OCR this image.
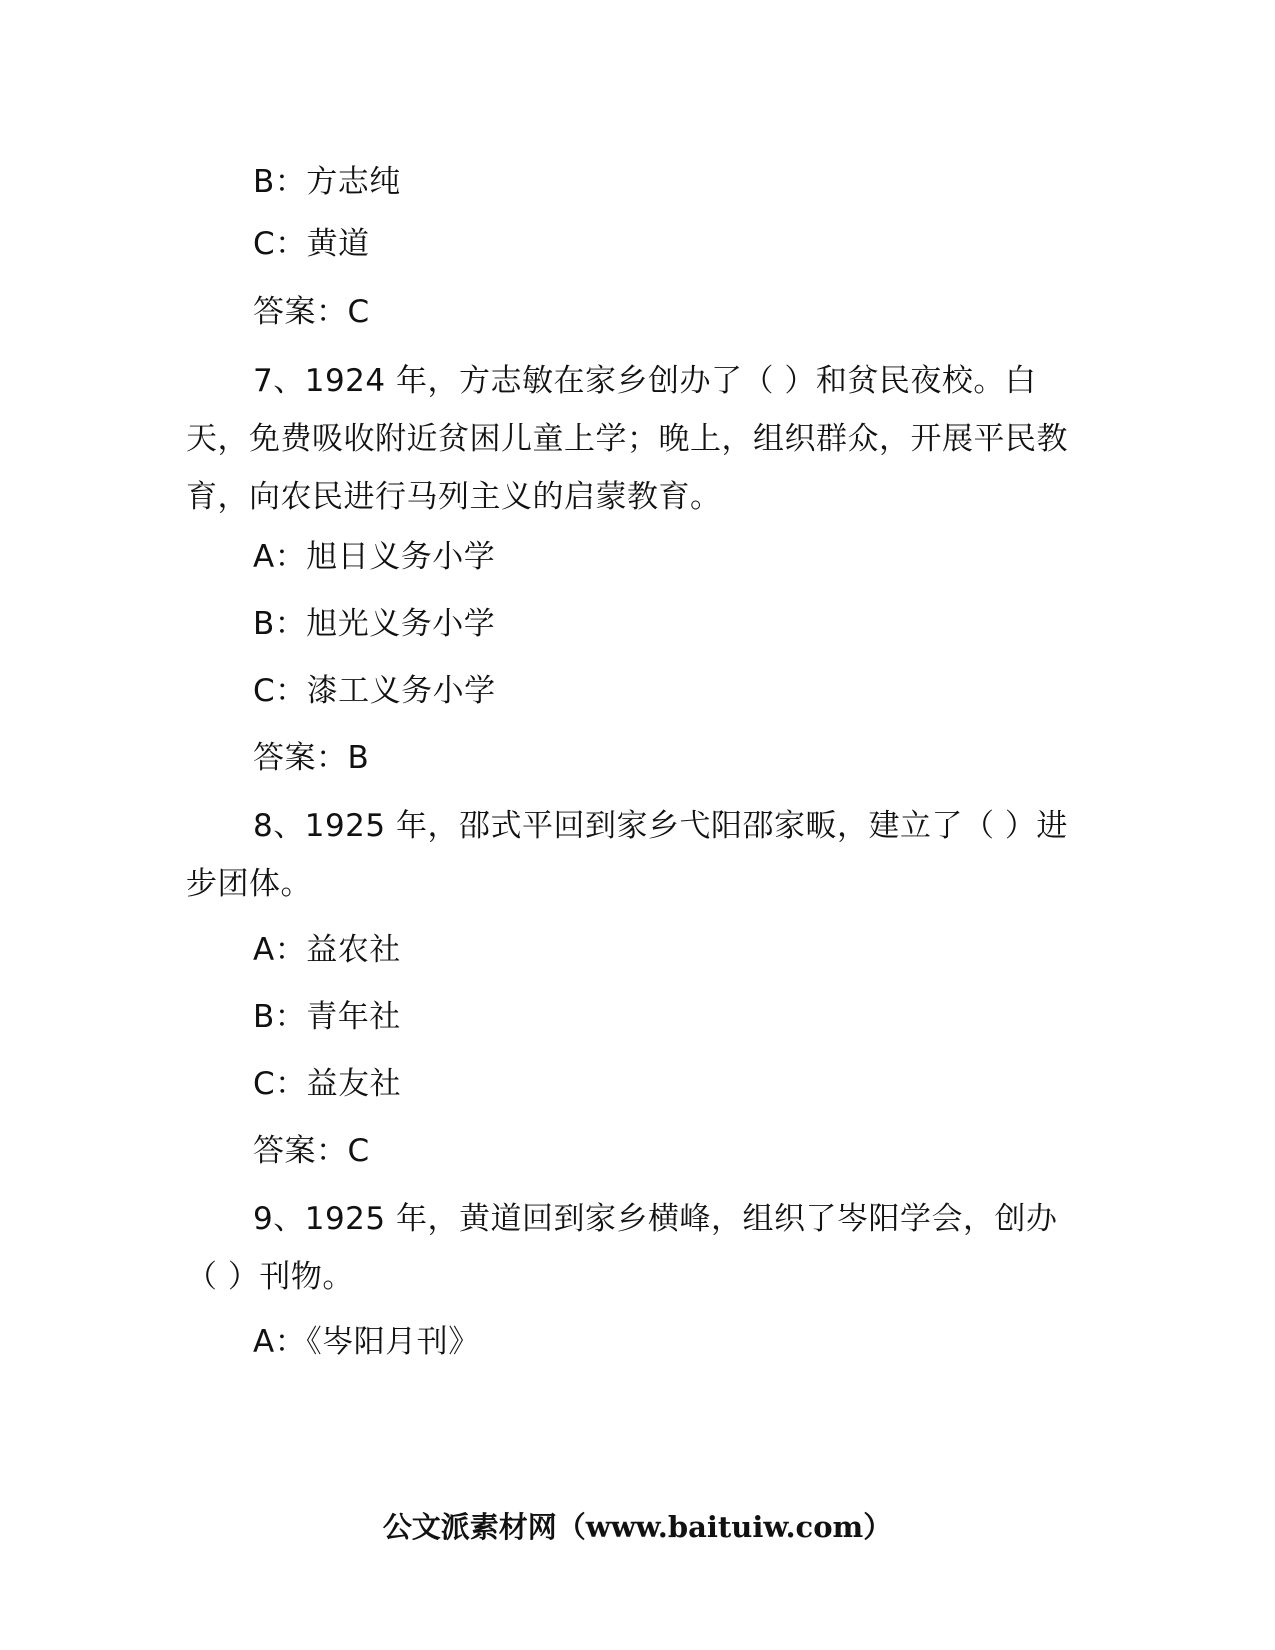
B：方志纯
C：黄道
答案：C
7、1924 年，方志敏在家乡创办了（ ）和贫民夜校。白天，免费吸收附近贫困儿童上学；晚上，组织群众，开展平民教育，向农民进行马列主义的启蒙教育。
A：旭日义务小学
B：旭光义务小学
C：漆工义务小学
答案：B
8、1925 年，邵式平回到家乡弋阳邵家畈，建立了（ ）进步团体。
A：益农社
B：青年社
C：益友社
答案：C
9、1925 年，黄道回到家乡横峰，组织了岑阳学会，创办（ ）刊物。
A：《岑阳月刊》
公文派素材网（www.baituiw.com）
